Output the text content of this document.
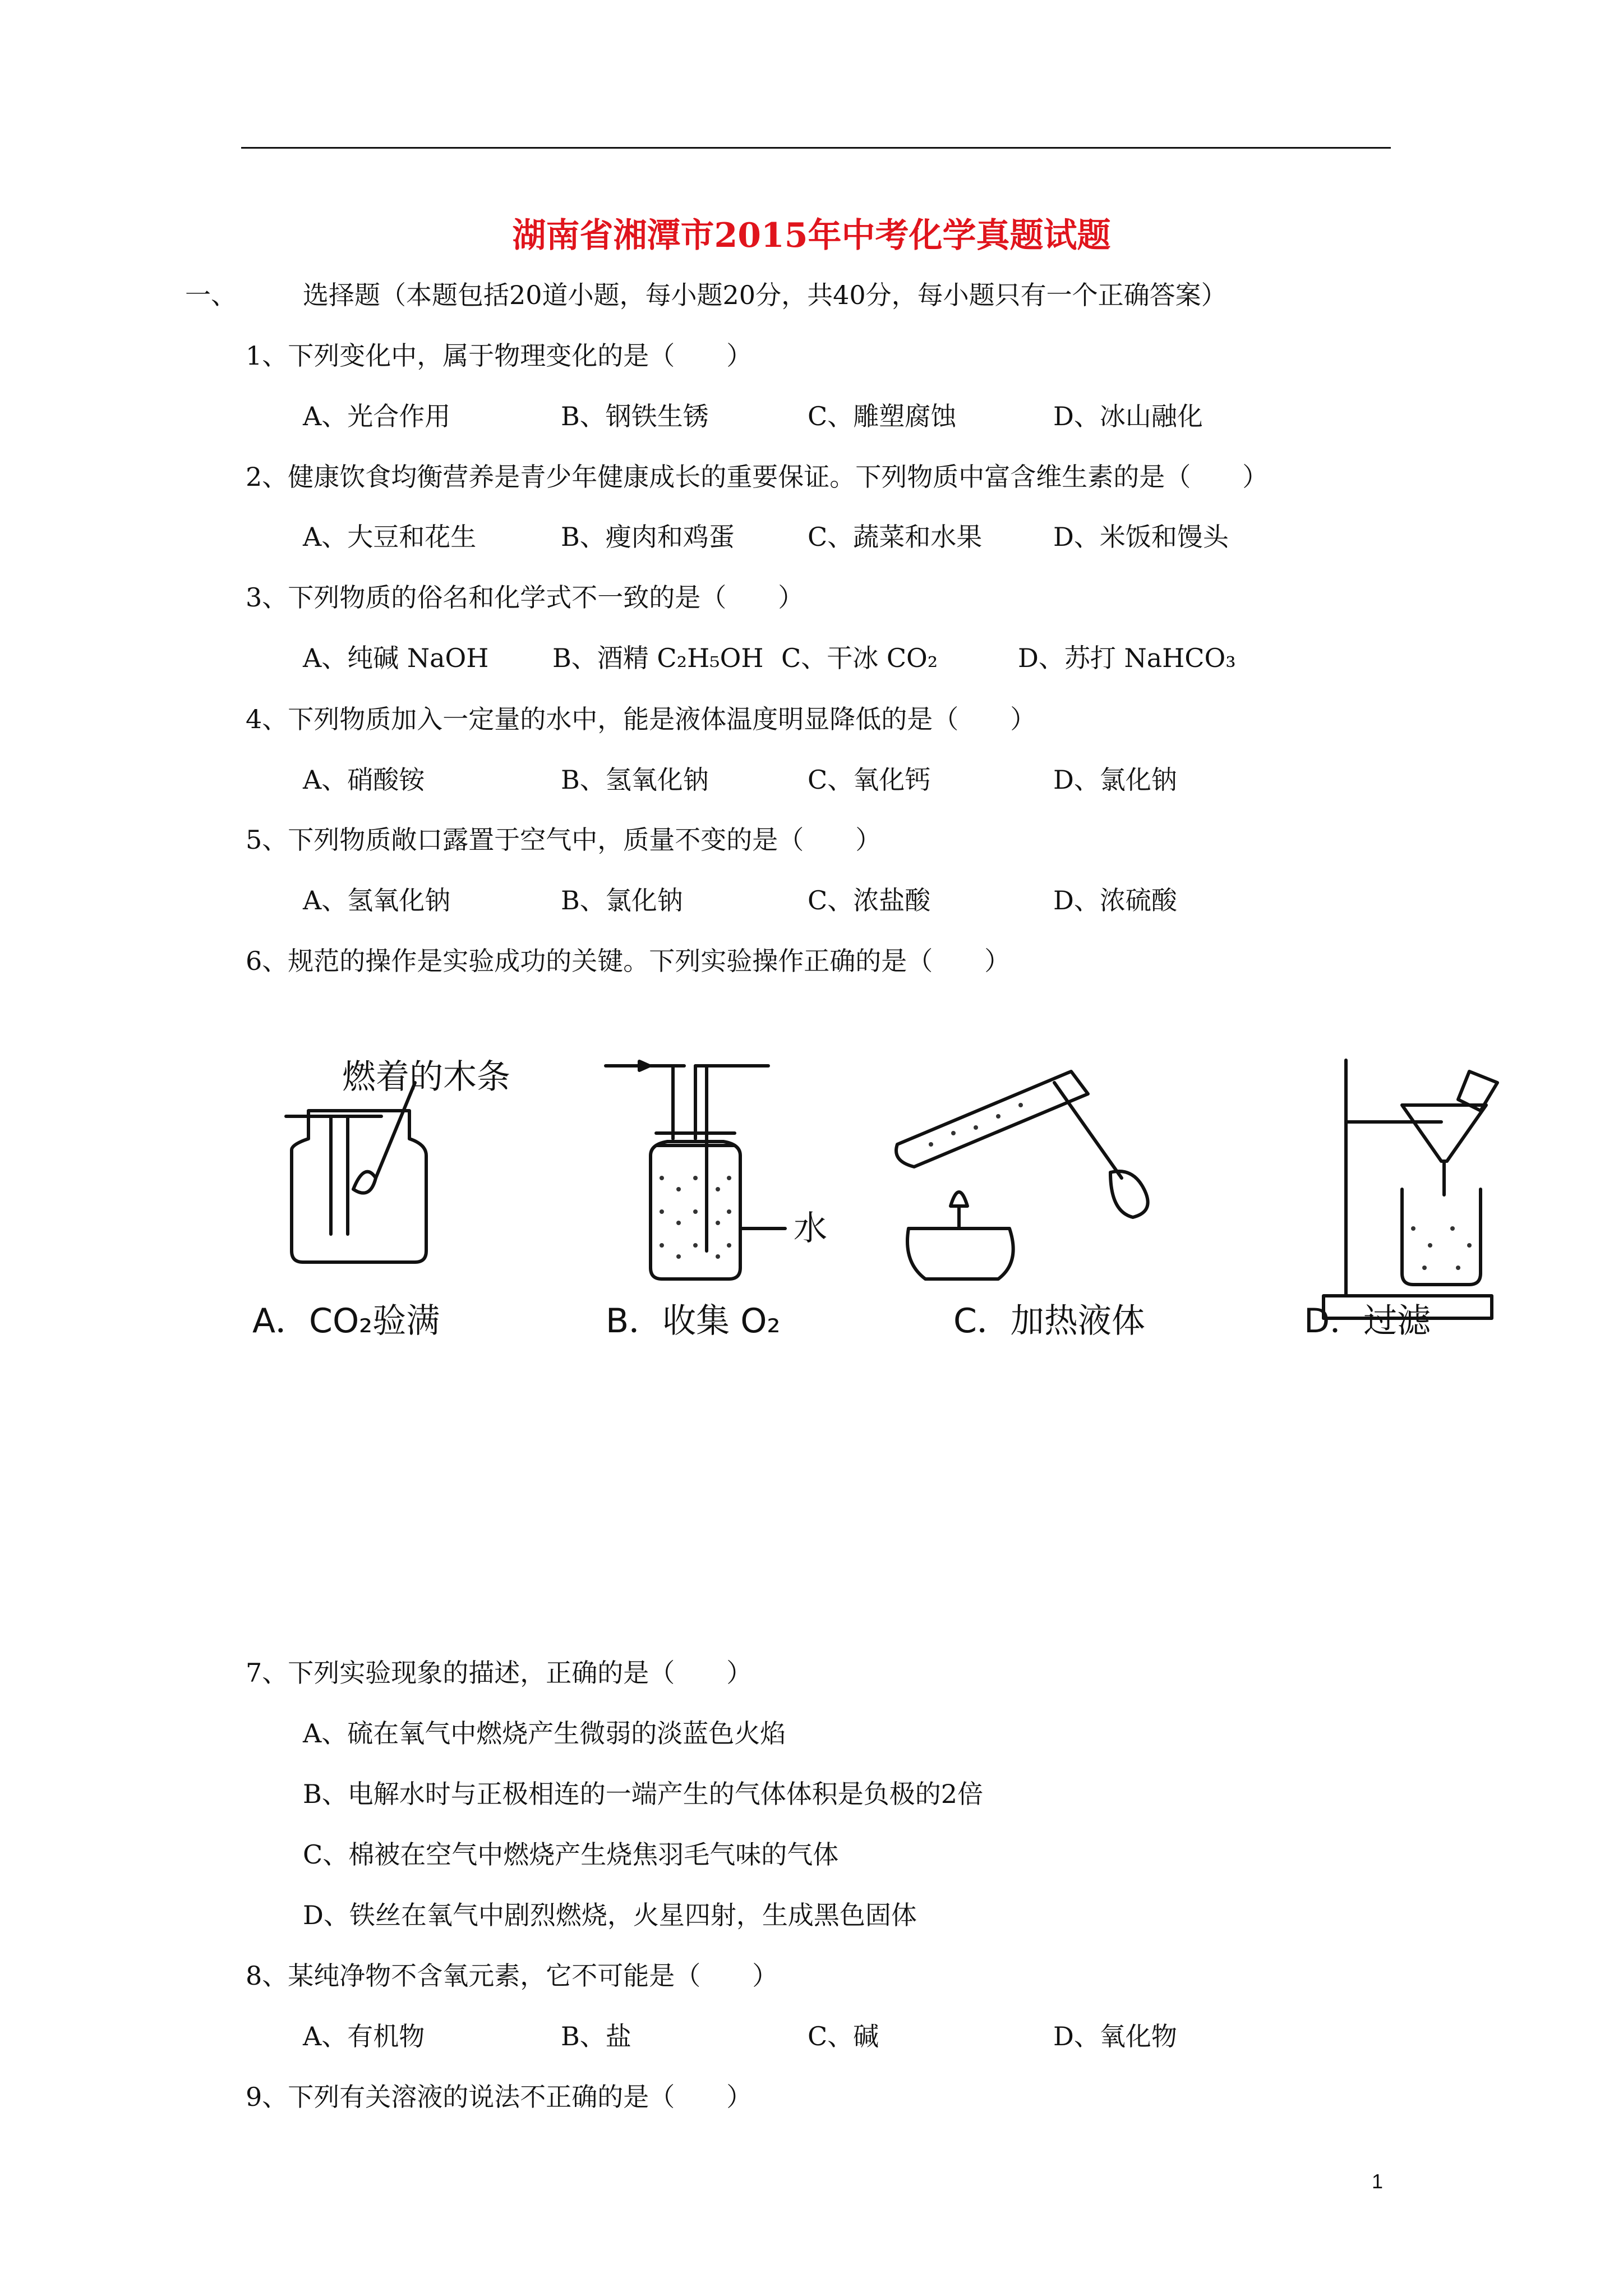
湖南省湘潭市2015年中考化学真题试题
一、	选择题（本题包括20道小题，每小题20分，共40分，每小题只有一个正确答案）
1、下列变化中，属于物理变化的是（　　）
A、光合作用	B、钢铁生锈	C、雕塑腐蚀	D、冰山融化
2、健康饮食均衡营养是青少年健康成长的重要保证。下列物质中富含维生素的是（　　）
A、大豆和花生	B、瘦肉和鸡蛋	C、蔬菜和水果	D、米饭和馒头
3、下列物质的俗名和化学式不一致的是（　　）
A、纯碱 NaOH B、酒精 C₂H₅OH C、干冰 CO₂	D、苏打 NaHCO₃
4、下列物质加入一定量的水中，能是液体温度明显降低的是（　　）
A、硝酸铵	B、氢氧化钠	C、氧化钙	D、氯化钠
5、下列物质敞口露置于空气中，质量不变的是（　　）
A、氢氧化钠	B、氯化钠	C、浓盐酸	D、浓硫酸
6、规范的操作是实验成功的关键。下列实验操作正确的是（　　）
燃着的木条
水
A．CO₂验满	B．收集 O₂	C．加热液体	D．过滤
7、下列实验现象的描述，正确的是（　　）
A、硫在氧气中燃烧产生微弱的淡蓝色火焰
B、电解水时与正极相连的一端产生的气体体积是负极的2倍
C、棉被在空气中燃烧产生烧焦羽毛气味的气体
D、铁丝在氧气中剧烈燃烧，火星四射，生成黑色固体
8、某纯净物不含氧元素，它不可能是（　　）
A、有机物	B、盐	C、碱	D、氧化物
9、下列有关溶液的说法不正确的是（　　）
1
